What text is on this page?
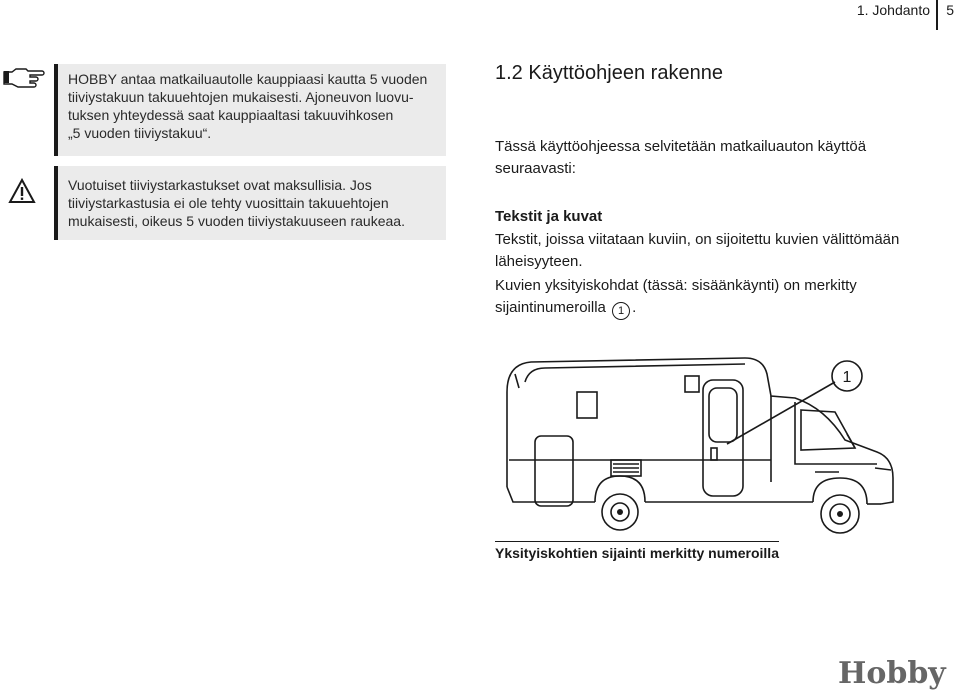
1. Johdanto 5

HOBBY antaa matkailuautolle kauppiaasi kautta 5 vuoden

tiiviystakuun takuuehtojen mukaisesti. Ajoneuvon luovu-

tuksen yhteydessä saat kauppiaaltasi takuuvihkosen

„5 vuoden tiiviystakuu“.

Vuotuiset tiiviystarkastukset ovat maksullisia. Jos

tiiviystarkastusia ei ole tehty vuosittain takuuehtojen

mukaisesti, oikeus 5 vuoden tiiviystakuuseen raukeaa.

1.2 Käyttöohjeen rakenne
Tässä käyttöohjeessa selvitetään matkailuauton käyttöä
seuraavasti:
Tekstit ja kuvat
Tekstit, joissa viitataan kuviin, on sijoitettu kuvien välittömään
läheisyyteen.
Kuvien yksityiskohdat (tässä: sisäänkäynti) on merkitty
sijaintinumeroilla 1 .
1

Yksityiskohtien sijainti merkitty numeroilla

Hobby
